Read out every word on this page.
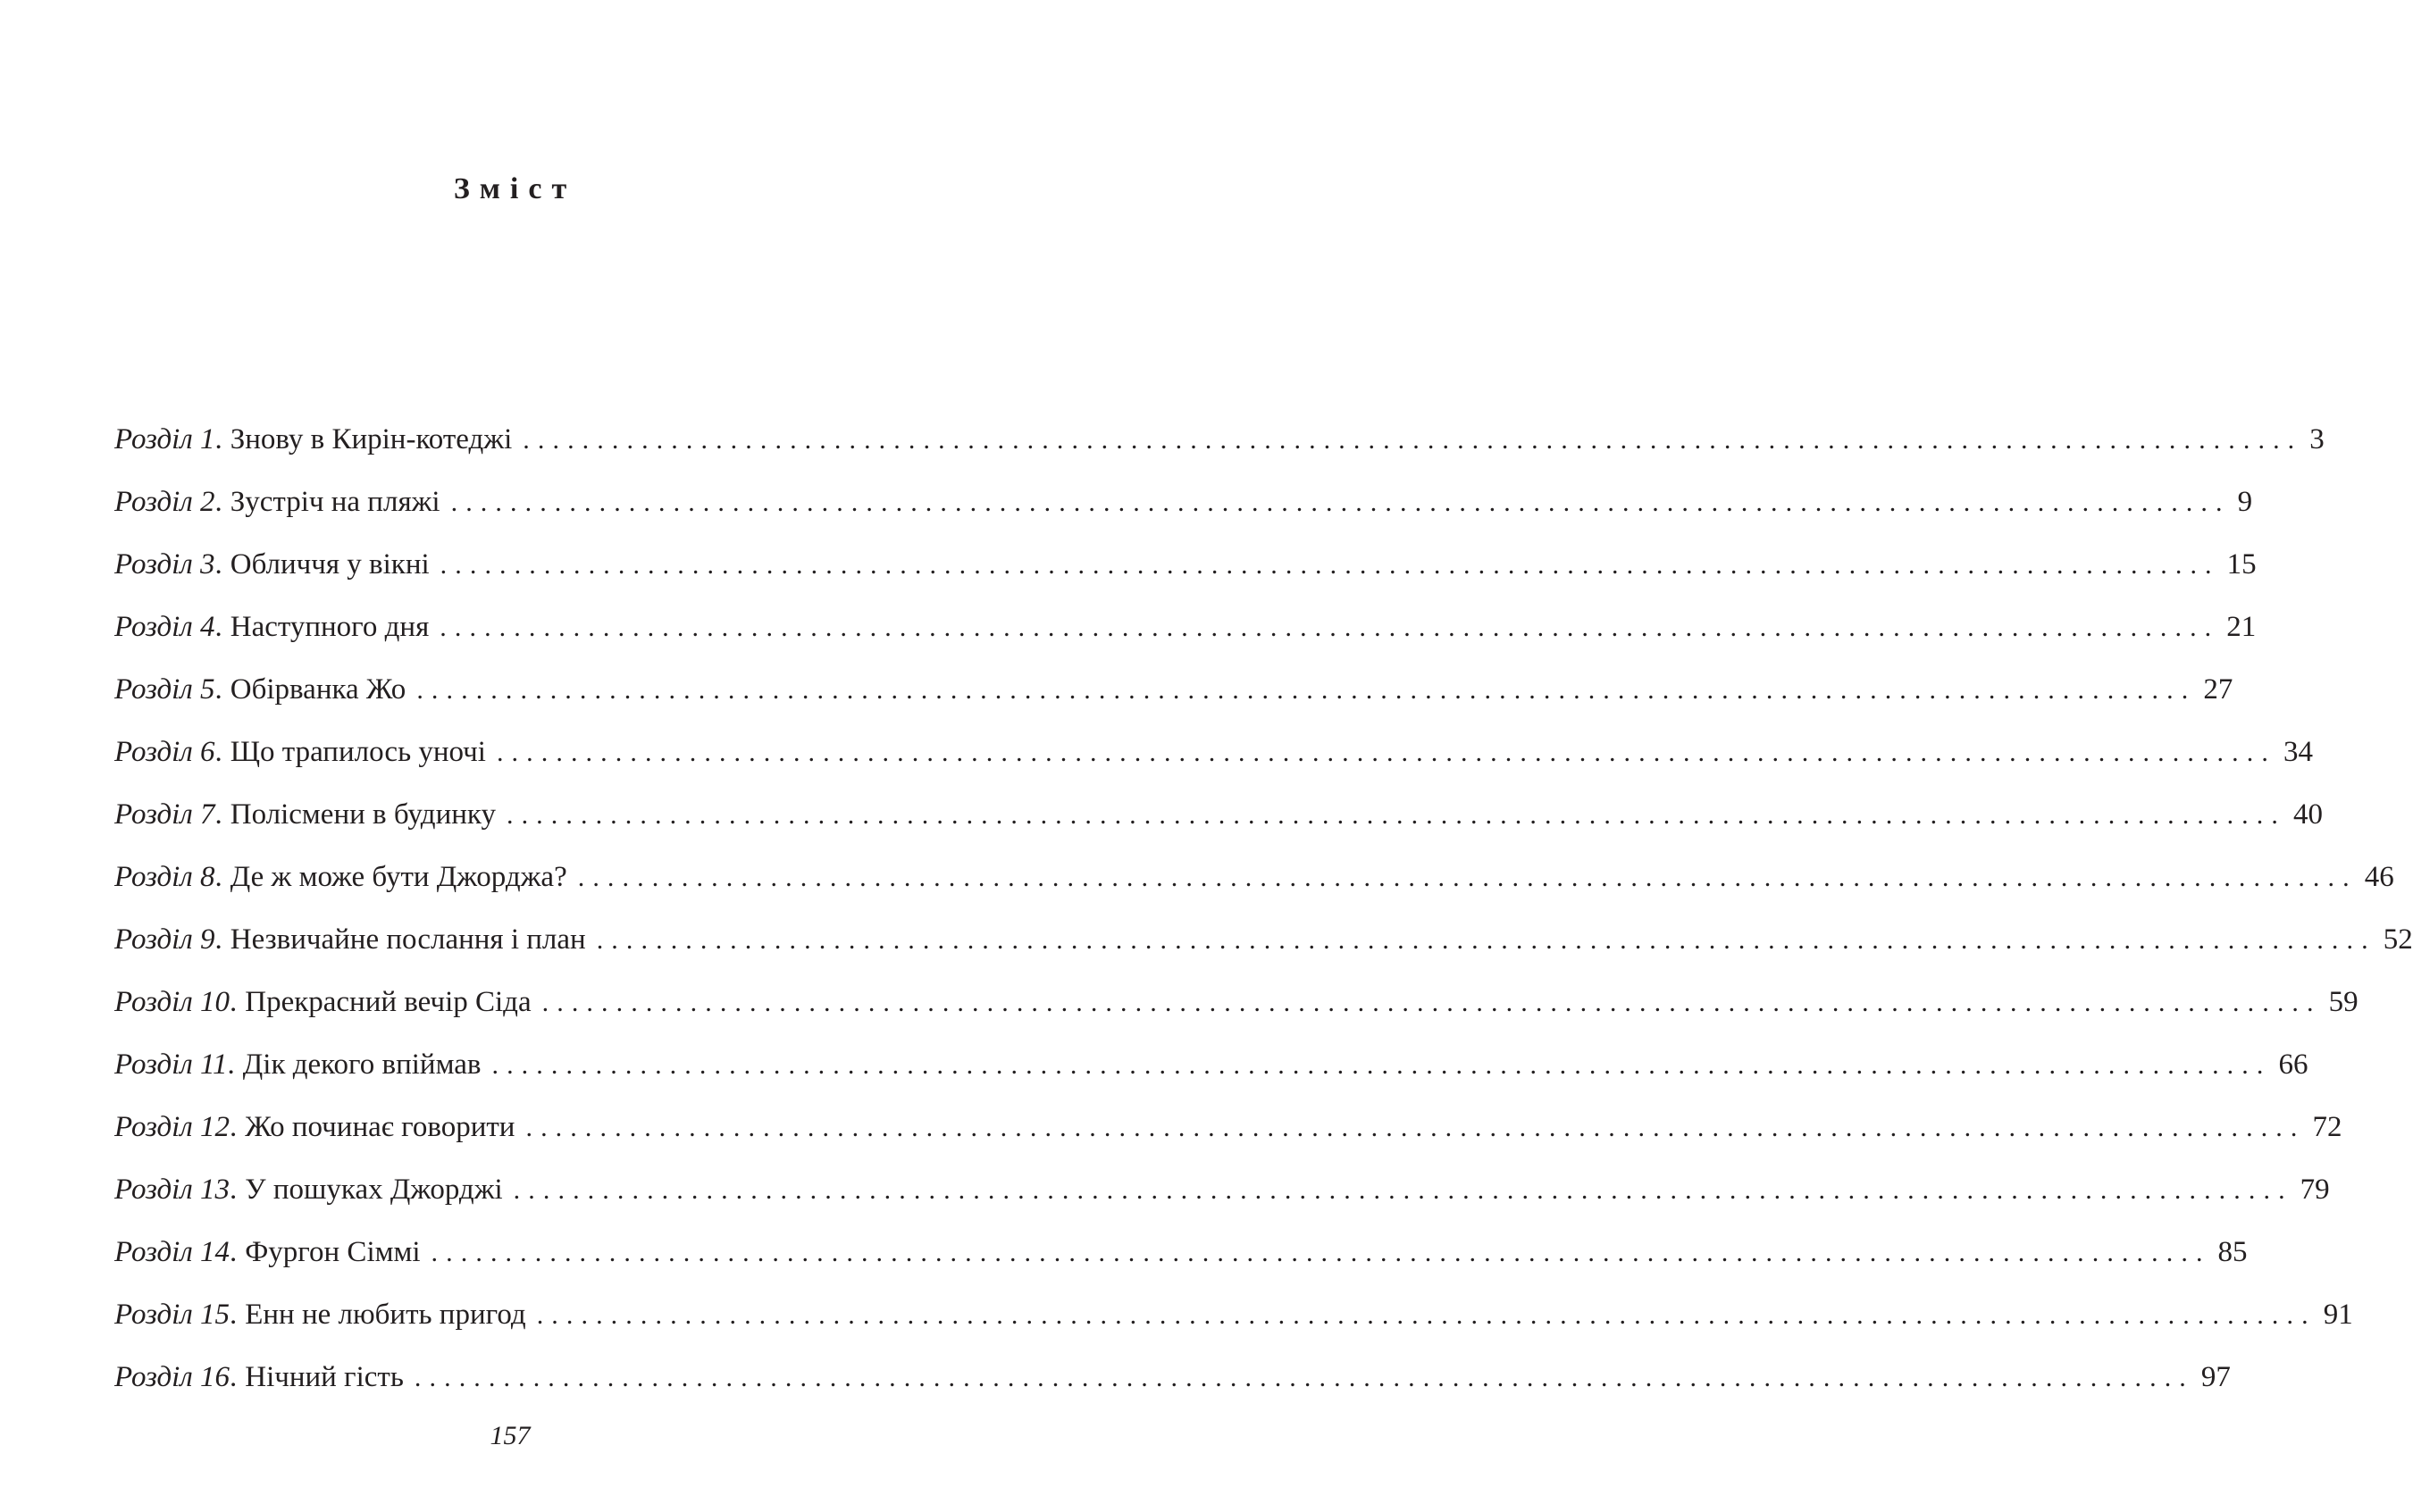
Зміст
Розділ 1 . Знову в Кирін-котеджі ........................................................................................................................ 3
Розділ 2 . Зустріч на пляжі ........................................................................................................................ 9
Розділ 3 . Обличчя у вікні ........................................................................................................................ 15
Розділ 4 . Наступного дня ........................................................................................................................ 21
Розділ 5 . Обірванка Жо ........................................................................................................................ 27
Розділ 6 . Що трапилось уночі ........................................................................................................................ 34
Розділ 7 . Полісмени в будинку ........................................................................................................................ 40
Розділ 8 . Де ж може бути Джорджа? ........................................................................................................................ 46
Розділ 9 . Незвичайне послання і план ........................................................................................................................ 52
Розділ 10 . Прекрасний вечір Сіда ........................................................................................................................ 59
Розділ 11 . Дік декого впіймав ........................................................................................................................ 66
Розділ 12 . Жо починає говорити ........................................................................................................................ 72
Розділ 13 . У пошуках Джорджі ........................................................................................................................ 79
Розділ 14 . Фургон Сіммі ........................................................................................................................ 85
Розділ 15 . Енн не любить пригод ........................................................................................................................ 91
Розділ 16 . Нічний гість ........................................................................................................................ 97
157
